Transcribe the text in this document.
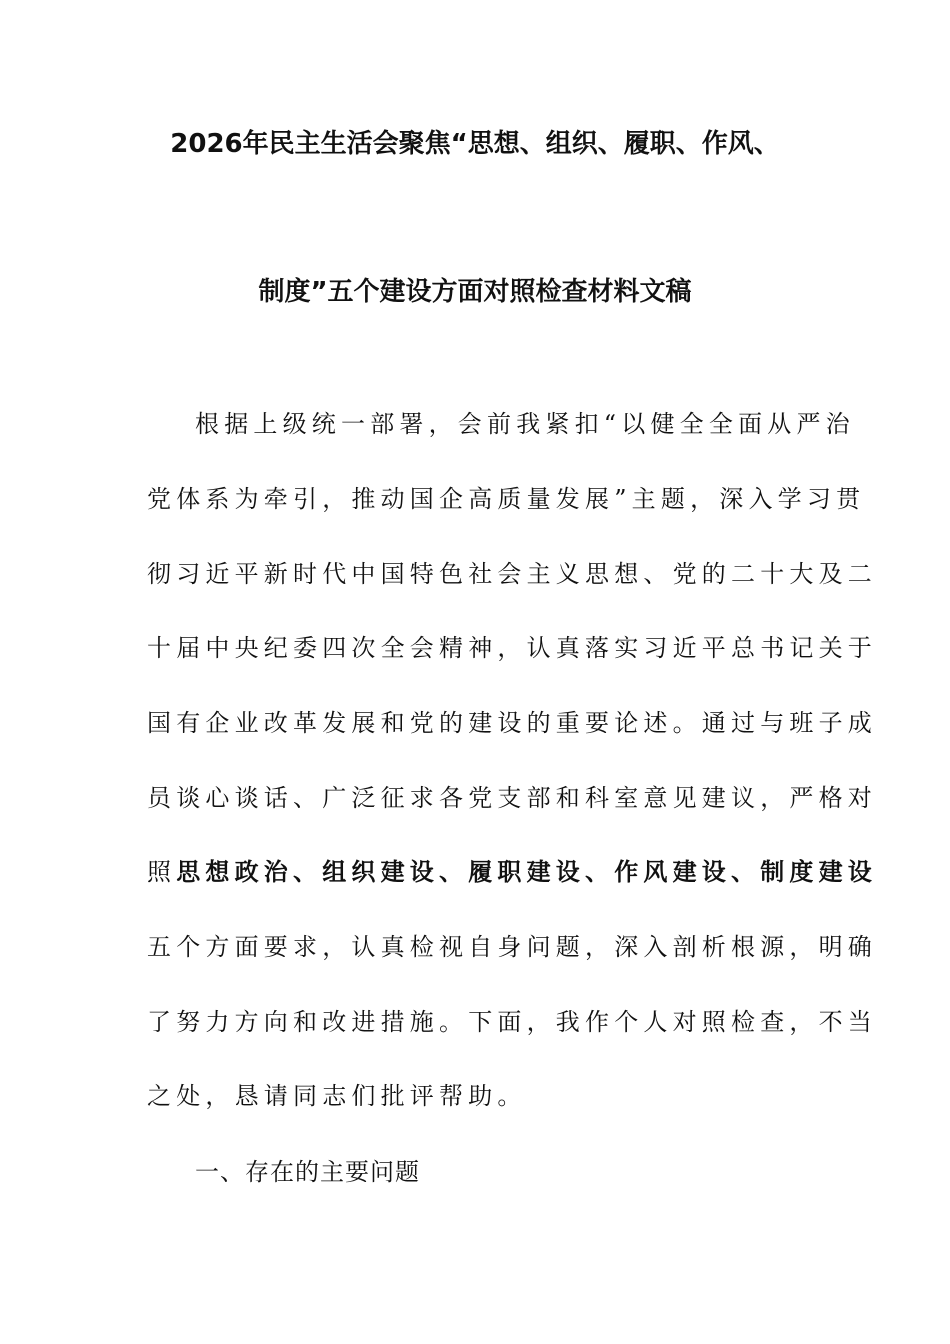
2026年民主生活会聚焦“思想、组织、履职、作风、
制度”五个建设方面对照检查材料文稿
根据上级统一部署，会前我紧扣“以健全全面从严治
党体系为牵引，推动国企高质量发展”主题，深入学习贯
彻习近平新时代中国特色社会主义思想、党的二十大及二
十届中央纪委四次全会精神，认真落实习近平总书记关于
国有企业改革发展和党的建设的重要论述。通过与班子成
员谈心谈话、广泛征求各党支部和科室意见建议，严格对
照思想政治、组织建设、履职建设、作风建设、制度建设
五个方面要求，认真检视自身问题，深入剖析根源，明确
了努力方向和改进措施。下面，我作个人对照检查，不当
之处，恳请同志们批评帮助。
一、存在的主要问题
